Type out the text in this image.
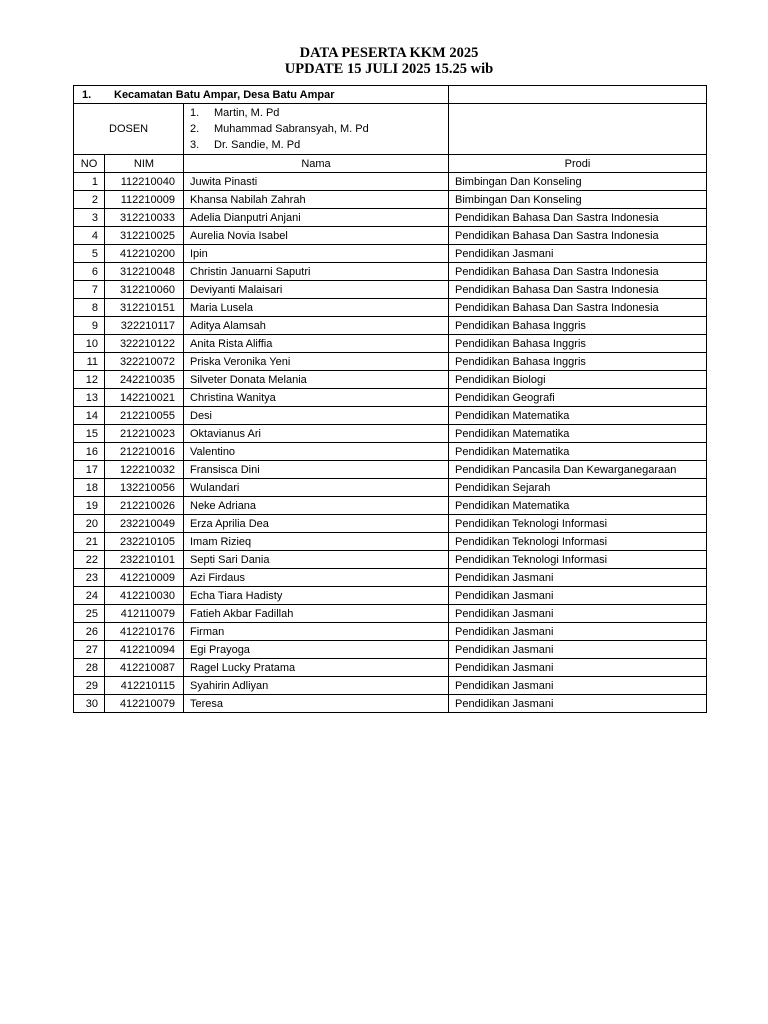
DATA PESERTA KKM 2025
UPDATE 15 JULI 2025 15.25 wib
1. Kecamatan Batu Ampar, Desa Batu Ampar			
DOSEN		1. Martin, M. Pd
2. Muhammad Sabransyah, M. Pd
3. Dr. Sandie, M. Pd	

NO	NIM	Nama	Prodi
1	112210040	Juwita Pinasti	Bimbingan Dan Konseling
2	112210009	Khansa Nabilah Zahrah	Bimbingan Dan Konseling
3	312210033	Adelia Dianputri Anjani	Pendidikan Bahasa Dan Sastra Indonesia
4	312210025	Aurelia Novia Isabel	Pendidikan Bahasa Dan Sastra Indonesia
5	412210200	Ipin	Pendidikan Jasmani
6	312210048	Christin Januarni Saputri	Pendidikan Bahasa Dan Sastra Indonesia
7	312210060	Deviyanti Malaisari	Pendidikan Bahasa Dan Sastra Indonesia
8	312210151	Maria Lusela	Pendidikan Bahasa Dan Sastra Indonesia
9	322210117	Aditya Alamsah	Pendidikan Bahasa Inggris
10	322210122	Anita Rista Aliffia	Pendidikan Bahasa Inggris
11	322210072	Priska Veronika Yeni	Pendidikan Bahasa Inggris
12	242210035	Silveter Donata Melania	Pendidikan Biologi
13	142210021	Christina Wanitya	Pendidikan Geografi
14	212210055	Desi	Pendidikan Matematika
15	212210023	Oktavianus Ari	Pendidikan Matematika
16	212210016	Valentino	Pendidikan Matematika
17	122210032	Fransisca Dini	Pendidikan Pancasila Dan Kewarganegaraan
18	132210056	Wulandari	Pendidikan Sejarah
19	212210026	Neke Adriana	Pendidikan Matematika
20	232210049	Erza Aprilia Dea	Pendidikan Teknologi Informasi
21	232210105	Imam Rizieq	Pendidikan Teknologi Informasi
22	232210101	Septi Sari Dania	Pendidikan Teknologi Informasi
23	412210009	Azi Firdaus	Pendidikan Jasmani
24	412210030	Echa Tiara Hadisty	Pendidikan Jasmani
25	412110079	Fatieh Akbar Fadillah	Pendidikan Jasmani
26	412210176	Firman	Pendidikan Jasmani
27	412210094	Egi Prayoga	Pendidikan Jasmani
28	412210087	Ragel Lucky Pratama	Pendidikan Jasmani
29	412210115	Syahirin Adliyan	Pendidikan Jasmani
30	412210079	Teresa	Pendidikan Jasmani
